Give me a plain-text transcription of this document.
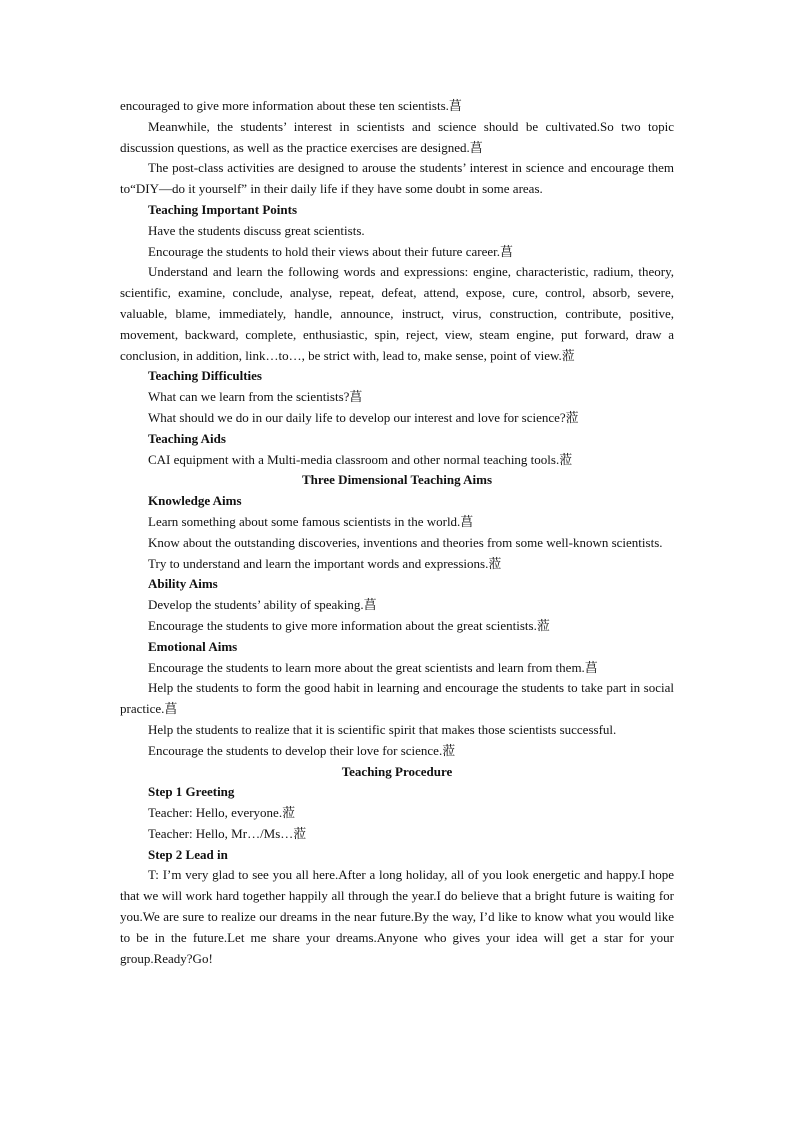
encouraged to give more information about these ten scientists.菖

Meanwhile, the students’ interest in scientists and science should be cultivated.So two topic discussion questions, as well as the practice exercises are designed.菖

The post-class activities are designed to arouse the students’ interest in science and encourage them to“DIY—do it yourself” in their daily life if they have some doubt in some areas.

Teaching Important Points

Have the students discuss great scientists.

Encourage the students to hold their views about their future career.菖

Understand and learn the following words and expressions: engine, characteristic, radium, theory, scientific, examine, conclude, analyse, repeat, defeat, attend, expose, cure, control, absorb, severe, valuable, blame, immediately, handle, announce, instruct, virus, construction, contribute, positive, movement, backward, complete, enthusiastic, spin, reject, view, steam engine, put forward, draw a conclusion, in addition, link…to…, be strict with, lead to, make sense, point of view.蒞

Teaching Difficulties

What can we learn from the scientists?菖

What should we do in our daily life to develop our interest and love for science?蒞

Teaching Aids

CAI equipment with a Multi-media classroom and other normal teaching tools.蒞

Three Dimensional Teaching Aims

Knowledge Aims

Learn something about some famous scientists in the world.菖

Know about the outstanding discoveries, inventions and theories from some well-known scientists.

Try to understand and learn the important words and expressions.蒞

Ability Aims

Develop the students’ ability of speaking.菖

Encourage the students to give more information about the great scientists.蒞

Emotional Aims

Encourage the students to learn more about the great scientists and learn from them.菖

Help the students to form the good habit in learning and encourage the students to take part in social practice.菖

Help the students to realize that it is scientific spirit that makes those scientists successful.

Encourage the students to develop their love for science.蒞

Teaching Procedure

Step 1 Greeting

Teacher: Hello, everyone.蒞

Teacher: Hello, Mr…/Ms…蒞

Step 2 Lead in

T: I’m very glad to see you all here.After a long holiday, all of you look energetic and happy.I hope that we will work hard together happily all through the year.I do believe that a bright future is waiting for you.We are sure to realize our dreams in the near future.By the way, I’d like to know what you would like to be in the future.Let me share your dreams.Anyone who gives your idea will get a star for your group.Ready?Go!
